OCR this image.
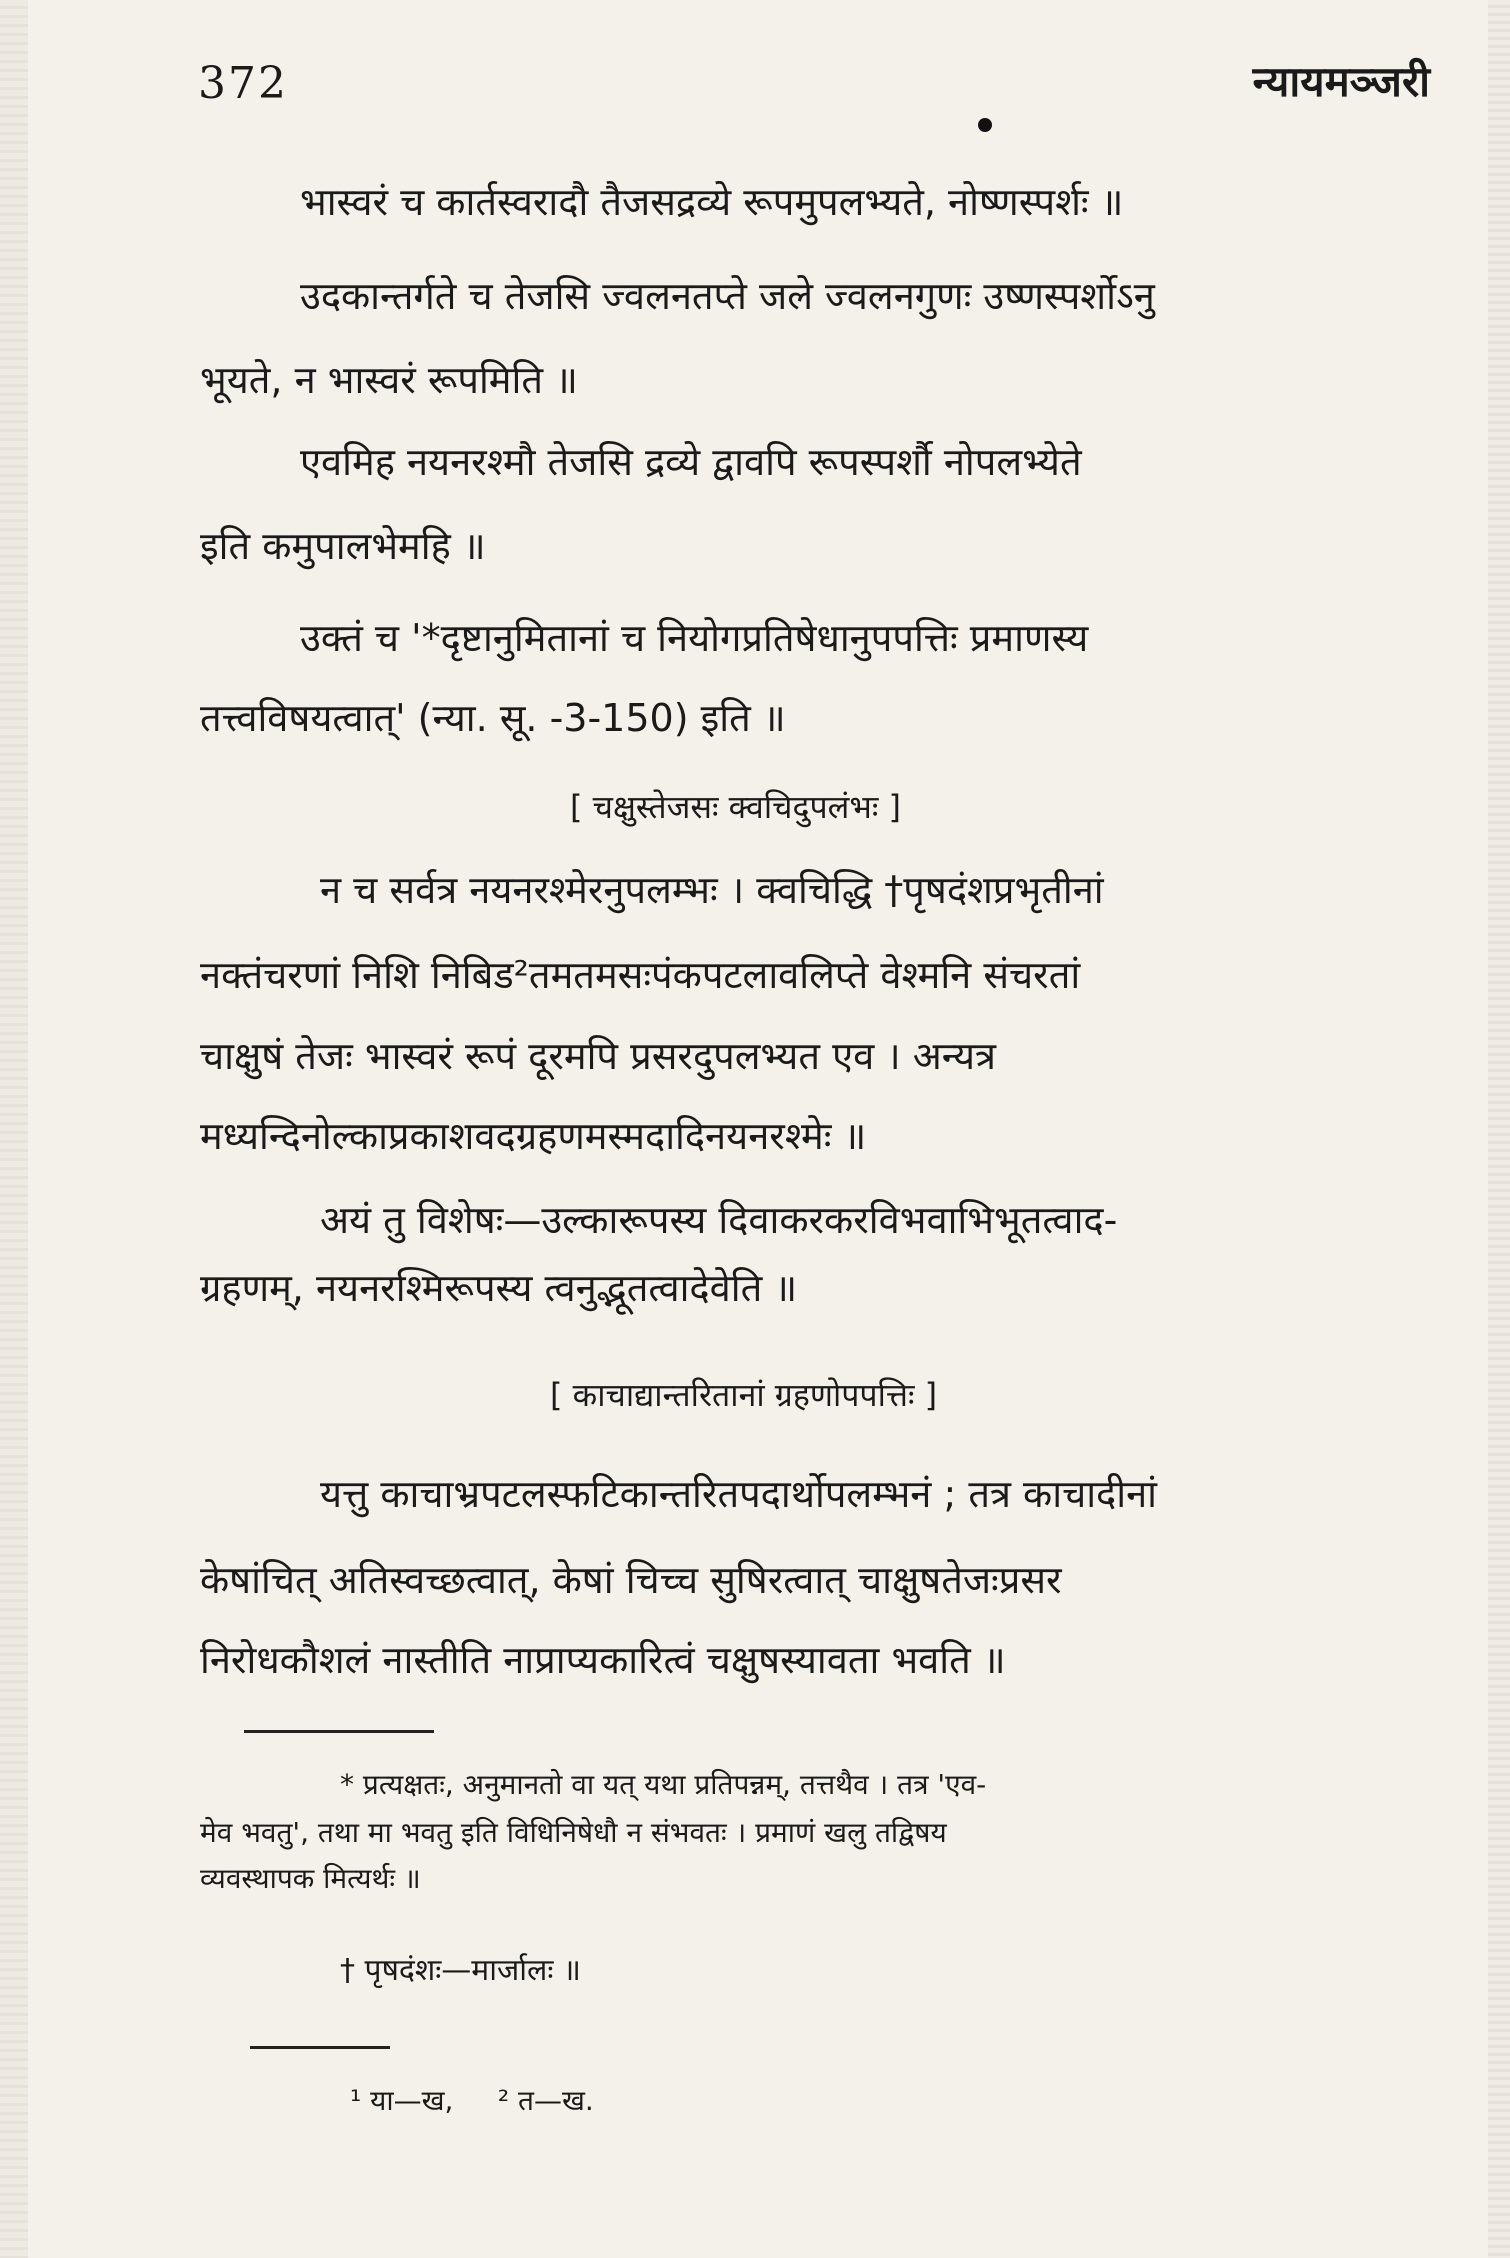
372	न्यायमञ्जरी
भास्वरं च कार्तस्वरादौ तैजसद्रव्ये रूपमुपलभ्यते, नोष्णस्पर्शः ॥
उदकान्तर्गते च तेजसि ज्वलनतप्ते जले ज्वलनगुणः उष्णस्पर्शोऽनु
भूयते, न भास्वरं रूपमिति ॥
एवमिह नयनरश्मौ तेजसि द्रव्ये द्वावपि रूपस्पर्शौ नोपलभ्येते
इति कमुपालभेमहि ॥
उक्तं च '*दृष्टानुमितानां च नियोगप्रतिषेधानुपपत्तिः प्रमाणस्य
तत्त्वविषयत्वात्' (न्या. सू. -3-150) इति ॥
[ चक्षुस्तेजसः क्वचिदुपलंभः ]
न च सर्वत्र नयनरश्मेरनुपलम्भः । क्वचिद्धि †पृषदंशप्रभृतीनां
नक्तंचरणां निशि निबिड²तमतमसःपंकपटलावलिप्ते वेश्मनि संचरतां
चाक्षुषं तेजः भास्वरं रूपं दूरमपि प्रसरदुपलभ्यत एव । अन्यत्र
मध्यन्दिनोल्काप्रकाशवदग्रहणमस्मदादिनयनरश्मेः ॥
अयं तु विशेषः—उल्कारूपस्य दिवाकरकरविभवाभिभूतत्वाद-
ग्रहणम्, नयनरश्मिरूपस्य त्वनुद्भूतत्वादेवेति ॥
[ काचाद्यान्तरितानां ग्रहणोपपत्तिः ]
यत्तु काचाभ्रपटलस्फटिकान्तरितपदार्थोपलम्भनं ; तत्र काचादीनां
केषांचित् अतिस्वच्छत्वात्, केषां चिच्च सुषिरत्वात् चाक्षुषतेजःप्रसर
निरोधकौशलं नास्तीति नाप्राप्यकारित्वं चक्षुषस्यावता भवति ॥
* प्रत्यक्षतः, अनुमानतो वा यत् यथा प्रतिपन्नम्, तत्तथैव । तत्र 'एव-
मेव भवतु', तथा मा भवतु इति विधिनिषेधौ न संभवतः । प्रमाणं खलु तद्विषय
व्यवस्थापक मित्यर्थः ॥
† पृषदंशः—मार्जालः ॥
¹ या—ख,     ² त—ख.
